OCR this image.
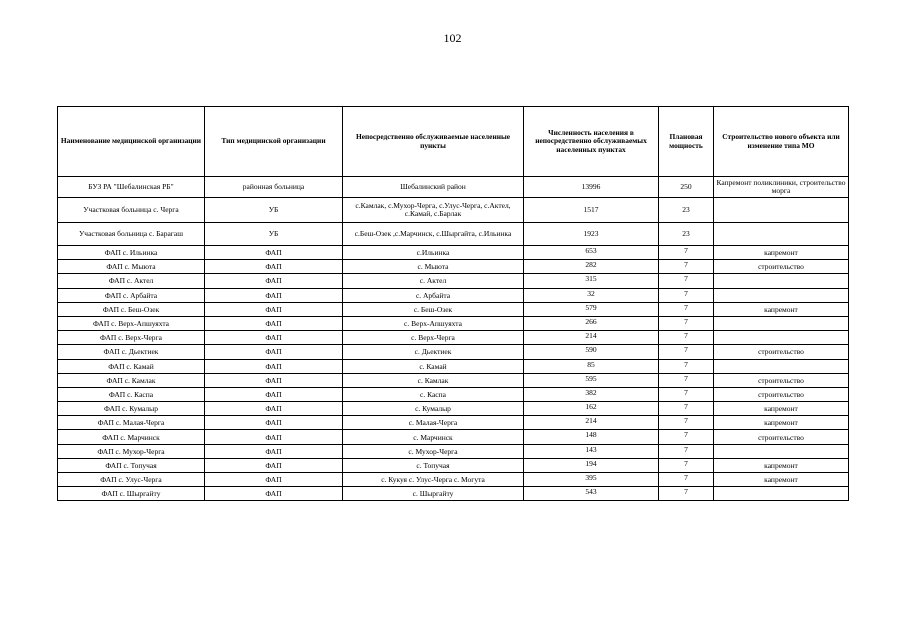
102
Наименование медицинской организации	Тип медицинской организации	Непосредственно обслуживаемые населенные пункты	Численность населения в непосредственно обслуживаемых населенных пунктах	Плановая мощность	Строительство нового объекта или изменение типа МО
БУЗ РА "Шебалинская РБ"	районная больница	Шебалинский район	13996	250	Капремонт поликлиники, строительство морга
Участковая больница с. Черга	УБ	с.Камлак, с.Мухор-Черга, с.Улус-Черга, с.Актел, с.Камай, с.Барлак	1517	23	
Участковая больница с. Барагаш	УБ	с.Беш-Озек ,с.Марчинск, с.Шыргайта, с.Ильинка	1923	23	
ФАП с. Ильинка	ФАП	с.Ильинка	653	7	капремонт
ФАП с. Мыюта	ФАП	с. Мыюта	282	7	строительство
ФАП с. Актел	ФАП	с. Актел	315	7	
ФАП с. Арбайта	ФАП	с. Арбайта	32	7	
ФАП с. Беш-Озек	ФАП	с. Беш-Озек	579	7	капремонт
ФАП с. Верх-Апшуяхта	ФАП	с. Верх-Апшуяхта	266	7	
ФАП с. Верх-Черга	ФАП	с. Верх-Черга	214	7	
ФАП с. Дьектиек	ФАП	с. Дьектиек	590	7	строительство
ФАП с. Камай	ФАП	с. Камай	85	7	
ФАП с. Камлак	ФАП	с. Камлак	595	7	строительство
ФАП с. Каспа	ФАП	с. Каспа	382	7	строительство
ФАП с. Кумалыр	ФАП	с. Кумалыр	162	7	капремонт
ФАП с. Малая-Черга	ФАП	с. Малая-Черга	214	7	капремонт
ФАП с. Марчинск	ФАП	с. Марчинск	148	7	строительство
ФАП с. Мухор-Черга	ФАП	с. Мухор-Черга	143	7	
ФАП с. Топучая	ФАП	с. Топучая	194	7	капремонт
ФАП с. Улус-Черга	ФАП	с. Кукуя с. Улус-Черга с. Могута	395	7	капремонт
ФАП с. Шыргайту	ФАП	с. Шыргайту	543	7	
